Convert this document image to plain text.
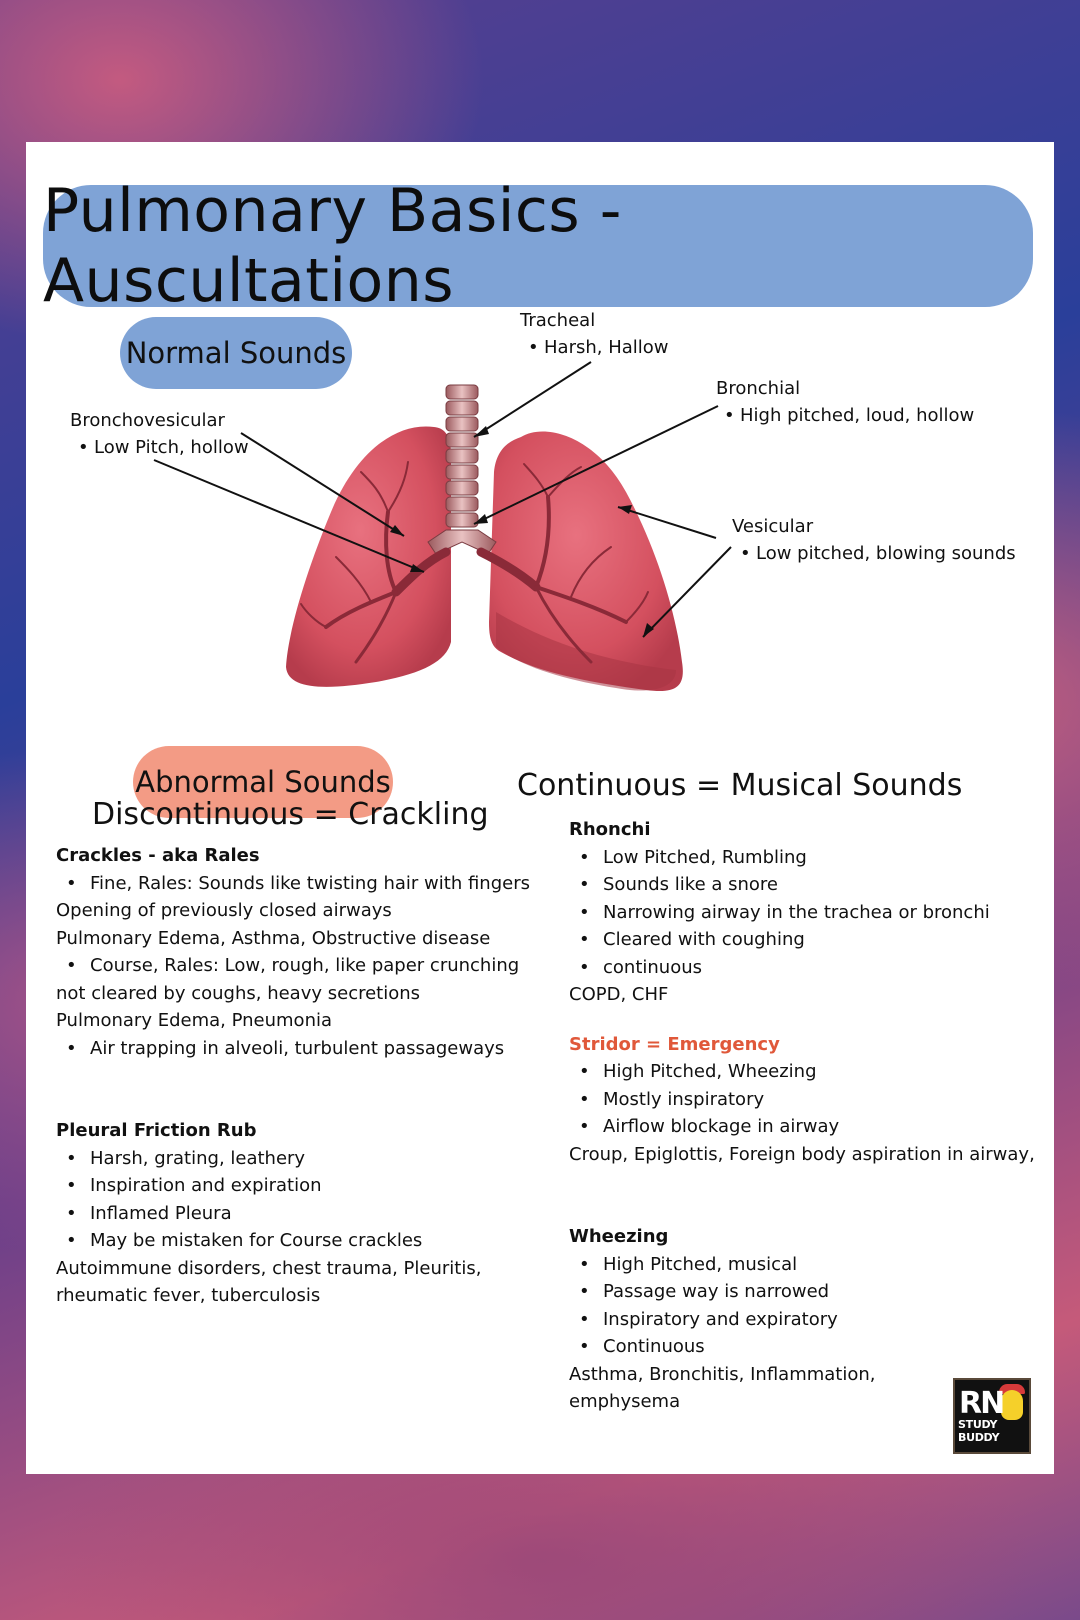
Pulmonary Basics - Auscultations
Normal Sounds
Tracheal
• Harsh, Hallow
Bronchial
• High pitched, loud, hollow
Bronchovesicular
• Low Pitch, hollow
Vesicular
• Low pitched, blowing sounds
Abnormal Sounds
Discontinuous = Crackling
Continuous = Musical Sounds
Crackles - aka Rales
• Fine, Rales: Sounds like twisting hair with fingers
Opening of previously closed airways
Pulmonary Edema, Asthma, Obstructive disease
• Course, Rales: Low, rough, like paper crunching
not cleared by coughs, heavy secretions
Pulmonary Edema, Pneumonia
• Air trapping in alveoli, turbulent passageways
Pleural Friction Rub
• Harsh, grating, leathery
• Inspiration and expiration
• Inflamed Pleura
• May be mistaken for Course crackles
Autoimmune disorders, chest trauma, Pleuritis,
rheumatic fever, tuberculosis
Rhonchi
• Low Pitched, Rumbling
• Sounds like a snore
• Narrowing airway in the trachea or bronchi
• Cleared with coughing
• continuous
COPD, CHF
Stridor = Emergency
• High Pitched, Wheezing
• Mostly inspiratory
• Airflow blockage in airway
Croup, Epiglottis, Foreign body aspiration in airway,
Wheezing
• High Pitched, musical
• Passage way is narrowed
• Inspiratory and expiratory
• Continuous
Asthma, Bronchitis, Inflammation,
emphysema	RN
STUDY BUDDY
